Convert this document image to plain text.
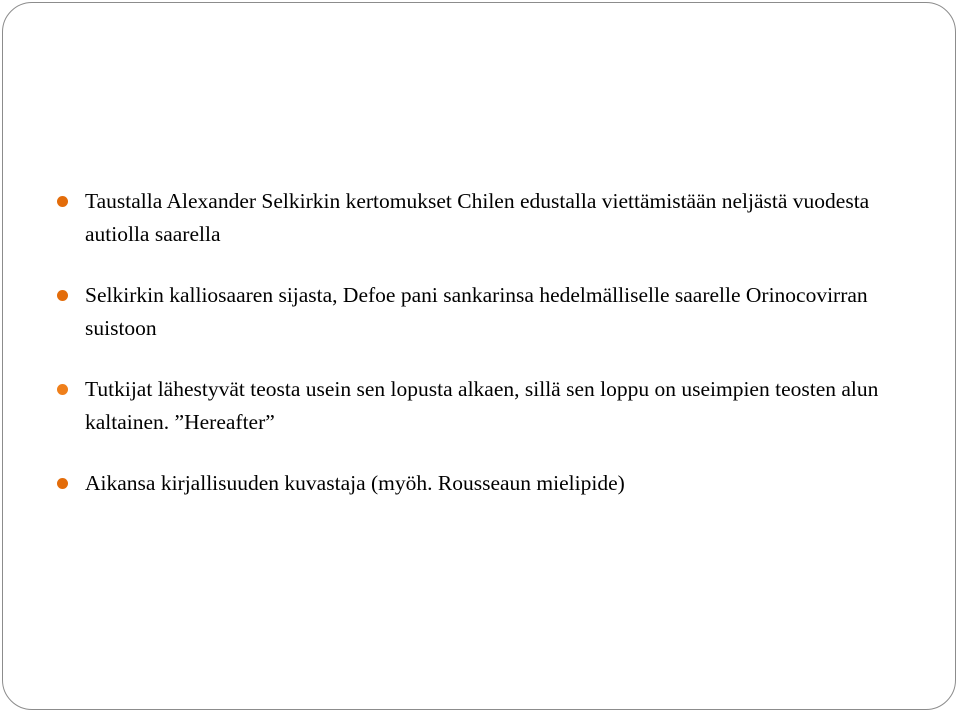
Taustalla Alexander Selkirkin kertomukset Chilen edustalla viettämistään neljästä vuodesta autiolla saarella
Selkirkin kalliosaaren sijasta, Defoe pani sankarinsa hedelmälliselle saarelle Orinocovirran suistoon
Tutkijat lähestyvät teosta usein sen lopusta alkaen, sillä sen loppu on useimpien teosten alun kaltainen. ”Hereafter”
Aikansa kirjallisuuden kuvastaja (myöh. Rousseaun mielipide)
